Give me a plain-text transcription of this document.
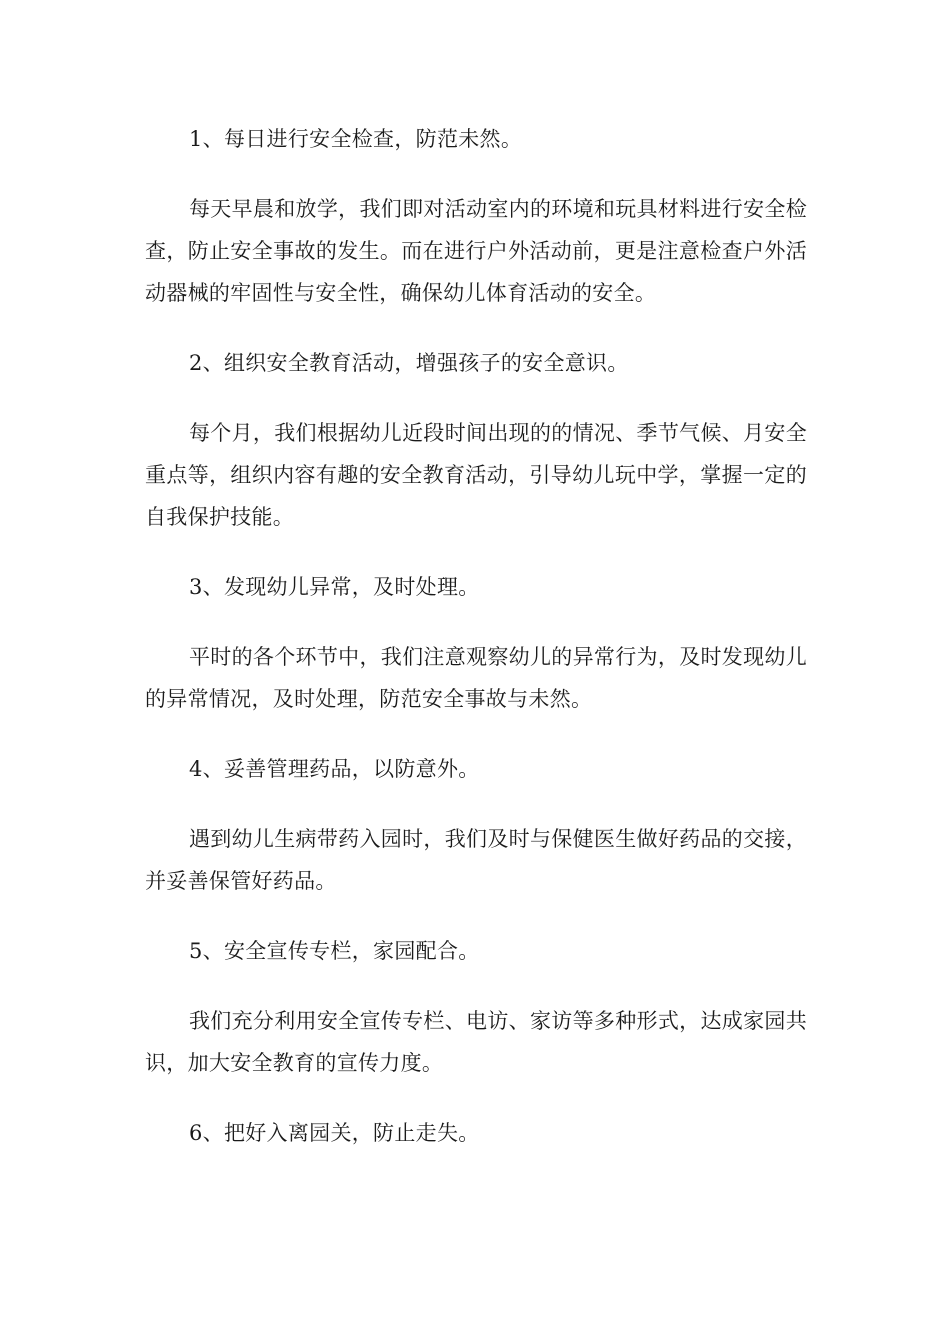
1、每日进行安全检查，防范未然。

每天早晨和放学，我们即对活动室内的环境和玩具材料进行安全检查，防止安全事故的发生。而在进行户外活动前，更是注意检查户外活动器械的牢固性与安全性，确保幼儿体育活动的安全。

2、组织安全教育活动，增强孩子的安全意识。

每个月，我们根据幼儿近段时间出现的的情况、季节气候、月安全重点等，组织内容有趣的安全教育活动，引导幼儿玩中学，掌握一定的自我保护技能。

3、发现幼儿异常，及时处理。

平时的各个环节中，我们注意观察幼儿的异常行为，及时发现幼儿的异常情况，及时处理，防范安全事故与未然。

4、妥善管理药品，以防意外。

遇到幼儿生病带药入园时，我们及时与保健医生做好药品的交接，并妥善保管好药品。

5、安全宣传专栏，家园配合。

我们充分利用安全宣传专栏、电访、家访等多种形式，达成家园共识，加大安全教育的宣传力度。

6、把好入离园关，防止走失。
